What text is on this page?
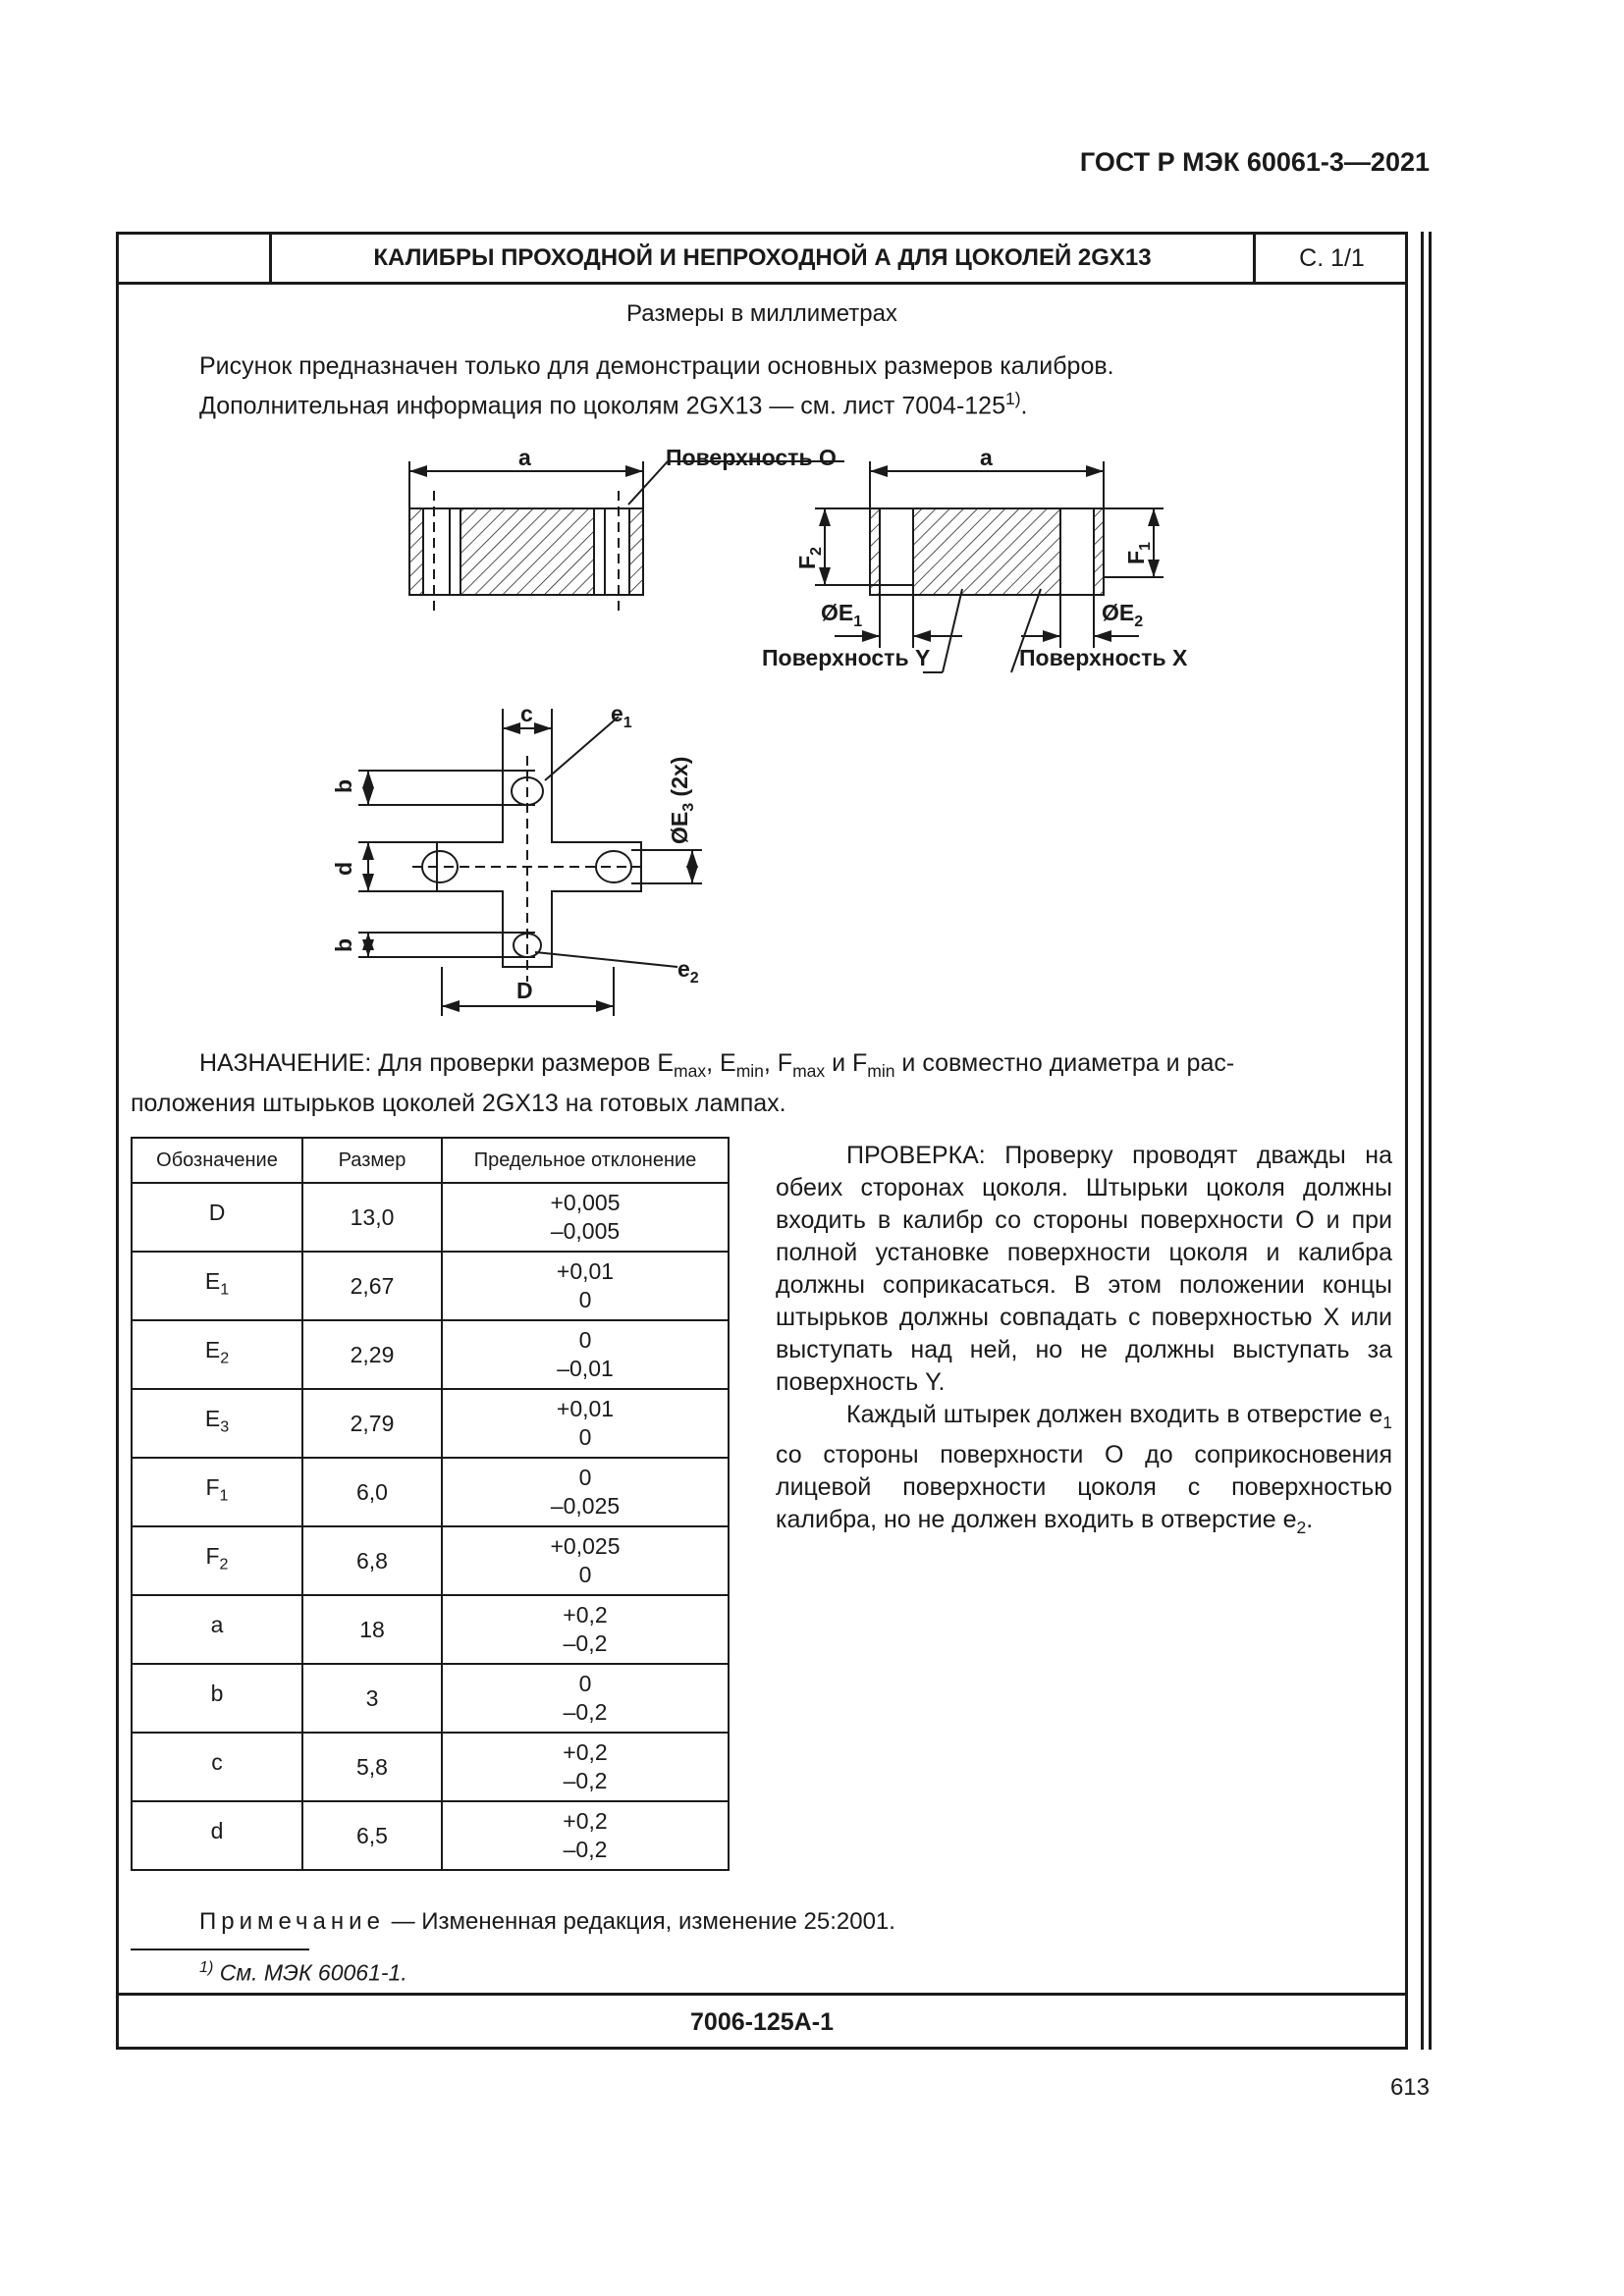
ГОСТ Р МЭК 60061-3—2021
КАЛИБРЫ ПРОХОДНОЙ И НЕПРОХОДНОЙ А ДЛЯ ЦОКОЛЕЙ 2GX13	С. 1/1
Размеры в миллиметрах
Рисунок предназначен только для демонстрации основных размеров калибров.
Дополнительная информация по цоколям 2GX13 — см. лист 7004-125$^{1)}$.
a	Поверхность O	a
$F_2$	$F_1$
$ØE_1$	$ØE_2$
Поверхность Y	Поверхность X
c	$e_1$
$ØE_3$ (2x)
b
d
b
$e_2$
D
НАЗНАЧЕНИЕ: Для проверки размеров $E_{max}$, $E_{min}$, $F_{max}$ и $F_{min}$ и совместно диаметра и рас-
положения штырьков цоколей 2GX13 на готовых лампах.
Обозначение	Размер	Предельное отклонение
D	13,0	+0,005
–0,005

$E_1$	2,67	+0,01
0

$E_2$	2,29	0
–0,01

$E_3$	2,79	+0,01
0

$F_1$	6,0	0
–0,025

$F_2$	6,8	+0,025
0

a	18	+0,2
–0,2

b	3	0
–0,2

c	5,8	+0,2
–0,2

d	6,5	+0,2
–0,2
ПРОВЕРКА: Проверку проводят дважды на обеих сторонах цоколя. Штырьки цоколя должны входить в калибр со стороны поверхности O и при полной установке поверхности цоколя и калибра должны соприкасаться. В этом положении концы штырьков должны совпадать с поверхностью X или выступать над ней, но не должны выступать за поверхность Y.
Каждый штырек должен входить в отверстие $e_1$ со стороны поверхности O до соприкосновения лицевой поверхности цоколя с поверхностью калибра, но не должен входить в отверстие $e_2$.
Примечание — Измененная редакция, изменение 25:2001.
$^{1)}$ См. МЭК 60061-1.
7006-125A-1
613
